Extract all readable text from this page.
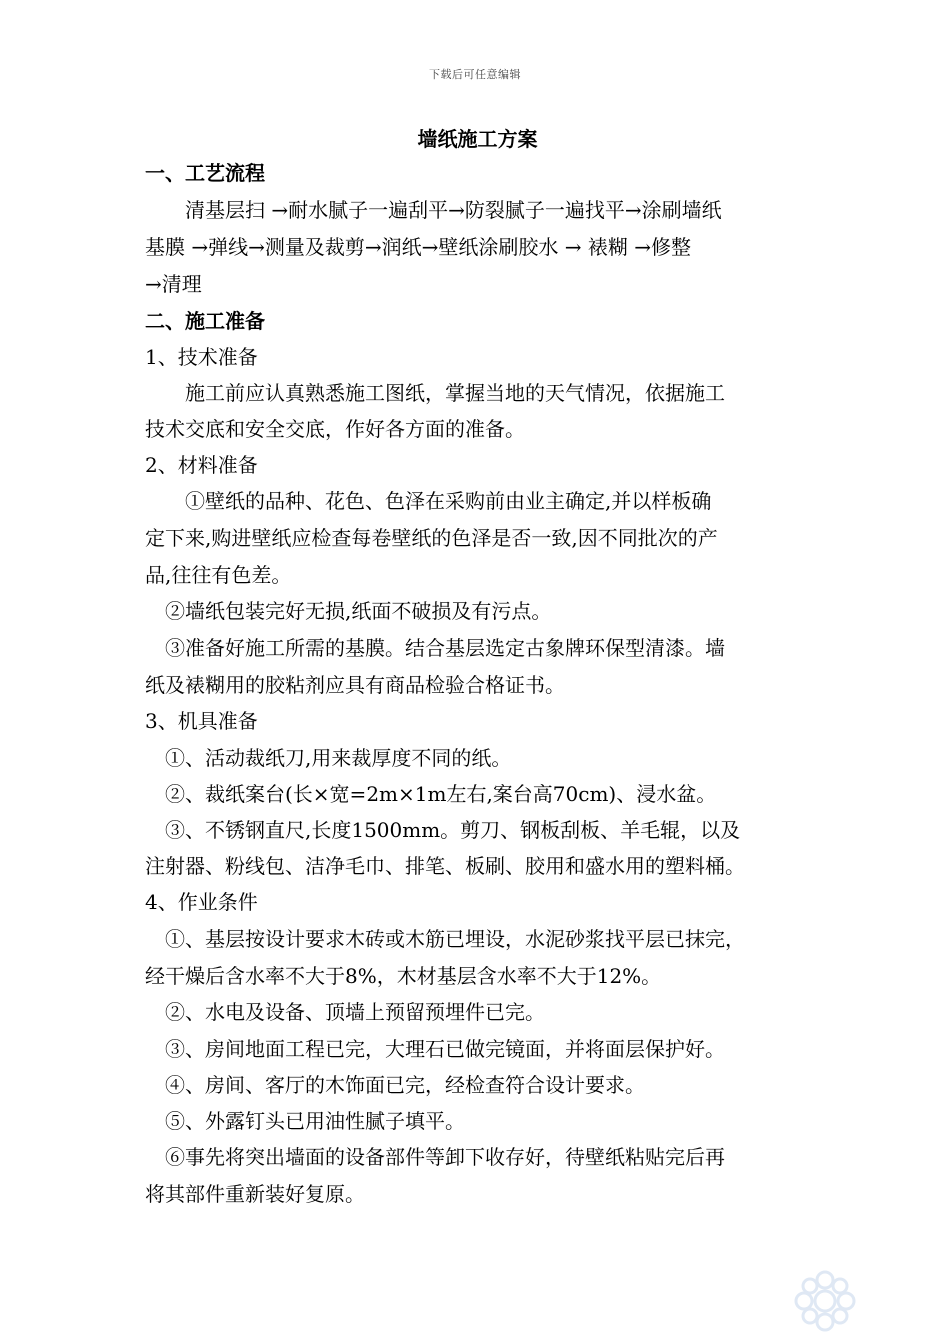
下载后可任意编辑
墙纸施工方案
一、工艺流程
　　清基层扫 →耐水腻子一遍刮平→防裂腻子一遍找平→涂刷墙纸
基膜 →弹线→测量及裁剪→润纸→壁纸涂刷胶水 → 裱糊 →修整
→清理
二、施工准备
1、技术准备
　　施工前应认真熟悉施工图纸，掌握当地的天气情况，依据施工
技术交底和安全交底，作好各方面的准备。
2、材料准备
　　①壁纸的品种、花色、色泽在采购前由业主确定,并以样板确
定下来,购进壁纸应检查每卷壁纸的色泽是否一致,因不同批次的产
品,往往有色差。
　②墙纸包装完好无损,纸面不破损及有污点。
　③准备好施工所需的基膜。结合基层选定古象牌环保型清漆。墙
纸及裱糊用的胶粘剂应具有商品检验合格证书。
3、机具准备
　①、活动裁纸刀,用来裁厚度不同的纸。
　②、裁纸案台(长×宽=2m×1m左右,案台高70cm)、浸水盆。
　③、不锈钢直尺,长度1500mm。剪刀、钢板刮板、羊毛辊，以及
注射器、粉线包、洁净毛巾、排笔、板刷、胶用和盛水用的塑料桶。
4、作业条件
　①、基层按设计要求木砖或木筋已埋设，水泥砂浆找平层已抹完，
经干燥后含水率不大于8%，木材基层含水率不大于12%。
　②、水电及设备、顶墙上预留预埋件已完。
　③、房间地面工程已完，大理石已做完镜面，并将面层保护好。
　④、房间、客厅的木饰面已完，经检查符合设计要求。
　⑤、外露钉头已用油性腻子填平。
　⑥事先将突出墙面的设备部件等卸下收存好，待壁纸粘贴完后再
将其部件重新装好复原。
